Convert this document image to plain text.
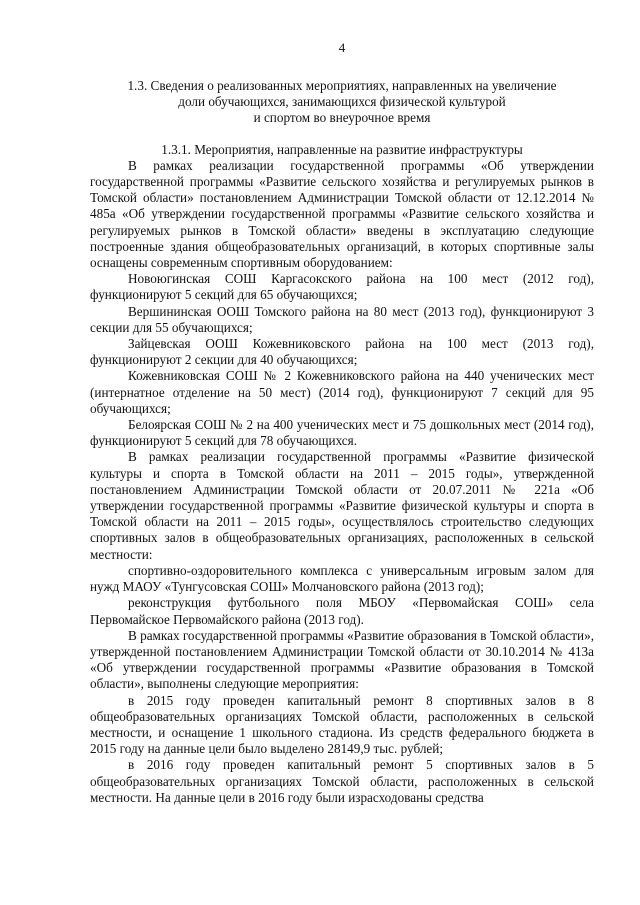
4
1.3. Сведения о реализованных мероприятиях, направленных на увеличение
доли обучающихся, занимающихся физической культурой
и спортом во внеурочное время
1.3.1. Мероприятия, направленные на развитие инфраструктуры

В рамках реализации государственной программы «Об утверждении государственной программы «Развитие сельского хозяйства и регулируемых рынков в Томской области» постановлением Администрации Томской области от 12.12.2014 № 485а «Об утверждении государственной программы «Развитие сельского хозяйства и регулируемых рынков в Томской области» введены в эксплуатацию следующие построенные здания общеобразовательных организаций, в которых спортивные залы оснащены современным спортивным оборудованием:

Новоюгинская СОШ Каргасокского района на 100 мест (2012 год), функционируют 5 секций для 65 обучающихся;

Вершининская ООШ Томского района на 80 мест (2013 год), функционируют 3 секции для 55 обучающихся;

Зайцевская ООШ Кожевниковского района на 100 мест (2013 год), функционируют 2 секции для 40 обучающихся;

Кожевниковская СОШ № 2 Кожевниковского района на 440 ученических мест (интернатное отделение на 50 мест) (2014 год), функционируют 7 секций для 95 обучающихся;

Белоярская СОШ № 2 на 400 ученических мест и 75 дошкольных мест (2014 год), функционируют 5 секций для 78 обучающихся.

В рамках реализации государственной программы «Развитие физической культуры и спорта в Томской области на 2011 – 2015 годы», утвержденной постановлением Администрации Томской области от 20.07.2011 № 221а «Об утверждении государственной программы «Развитие физической культуры и спорта в Томской области на 2011 – 2015 годы», осуществлялось строительство следующих спортивных залов в общеобразовательных организациях, расположенных в сельской местности:

спортивно-оздоровительного комплекса с универсальным игровым залом для нужд МАОУ «Тунгусовская СОШ» Молчановского района (2013 год);

реконструкция футбольного поля МБОУ «Первомайская СОШ» села Первомайское Первомайского района (2013 год).

В рамках государственной программы «Развитие образования в Томской области», утвержденной постановлением Администрации Томской области от 30.10.2014 № 413а «Об утверждении государственной программы «Развитие образования в Томской области», выполнены следующие мероприятия:

в 2015 году проведен капитальный ремонт 8 спортивных залов в 8 общеобразовательных организациях Томской области, расположенных в сельской местности, и оснащение 1 школьного стадиона. Из средств федерального бюджета в 2015 году на данные цели было выделено 28149,9 тыс. рублей;

в 2016 году проведен капитальный ремонт 5 спортивных залов в 5 общеобразовательных организациях Томской области, расположенных в сельской местности. На данные цели в 2016 году были израсходованы средства
